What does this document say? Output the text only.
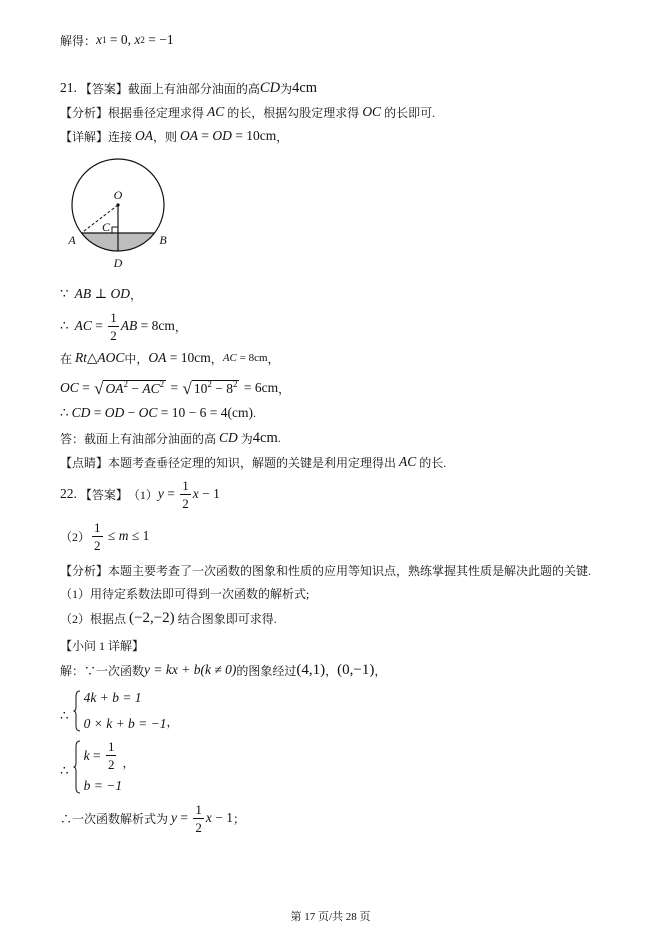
解得： x 1 = 0, x 2 = −1
21. 【答案】 截面上有油部分油面的高 CD 为 4cm
【分析】 根据垂径定理求得 AC 的长，根据勾股定理求得 OC 的长即可.
【详解】 连接 OA ，则 OA = OD = 10cm ，
O
A	B
C
D
∵ AB ⊥ OD ，
∴ AC = $\frac{1}{2}$ AB = 8cm ，
在 Rt △ AOC 中， OA = 10cm ， AC = 8cm ，
OC = √ $OA^2 - AC^2$ = √ $10^2 - 8^2 = 6cm$ ，
∴ CD = OD − OC = 10 − 6 = 4(cm) .
答：截面上有油部分油面的高 CD 为 4cm .
【点睛】 本题考查垂径定理的知识，解题的关键是利用定理得出 AC 的长.
22. 【答案】 （1） $y = \frac{1}{2}$ x − 1
$(2) \frac{1}{2} \le m \le 1$
【分析】 本题主要考查了一次函数的图象和性质的应用等知识点，熟练掌握其性质是解决此题的关键.
（1）用待定系数法即可得到一次函数的解析式;
（2）根据点 (−2,−2) 结合图象即可求得.
【小问 1 详解】
解：∵一次函数 y = kx + b(k ≠ 0) 的图象经过 (4,1) ， (0,−1) ，
∴
4k + b = 1
0 × k + b = −1 ，
∴
$k = \frac{1}{2}$ ，
b = −1
∴一次函数解析式为 $y = \frac{1}{2}$ x − 1 ；
第 17 页/共 28 页
